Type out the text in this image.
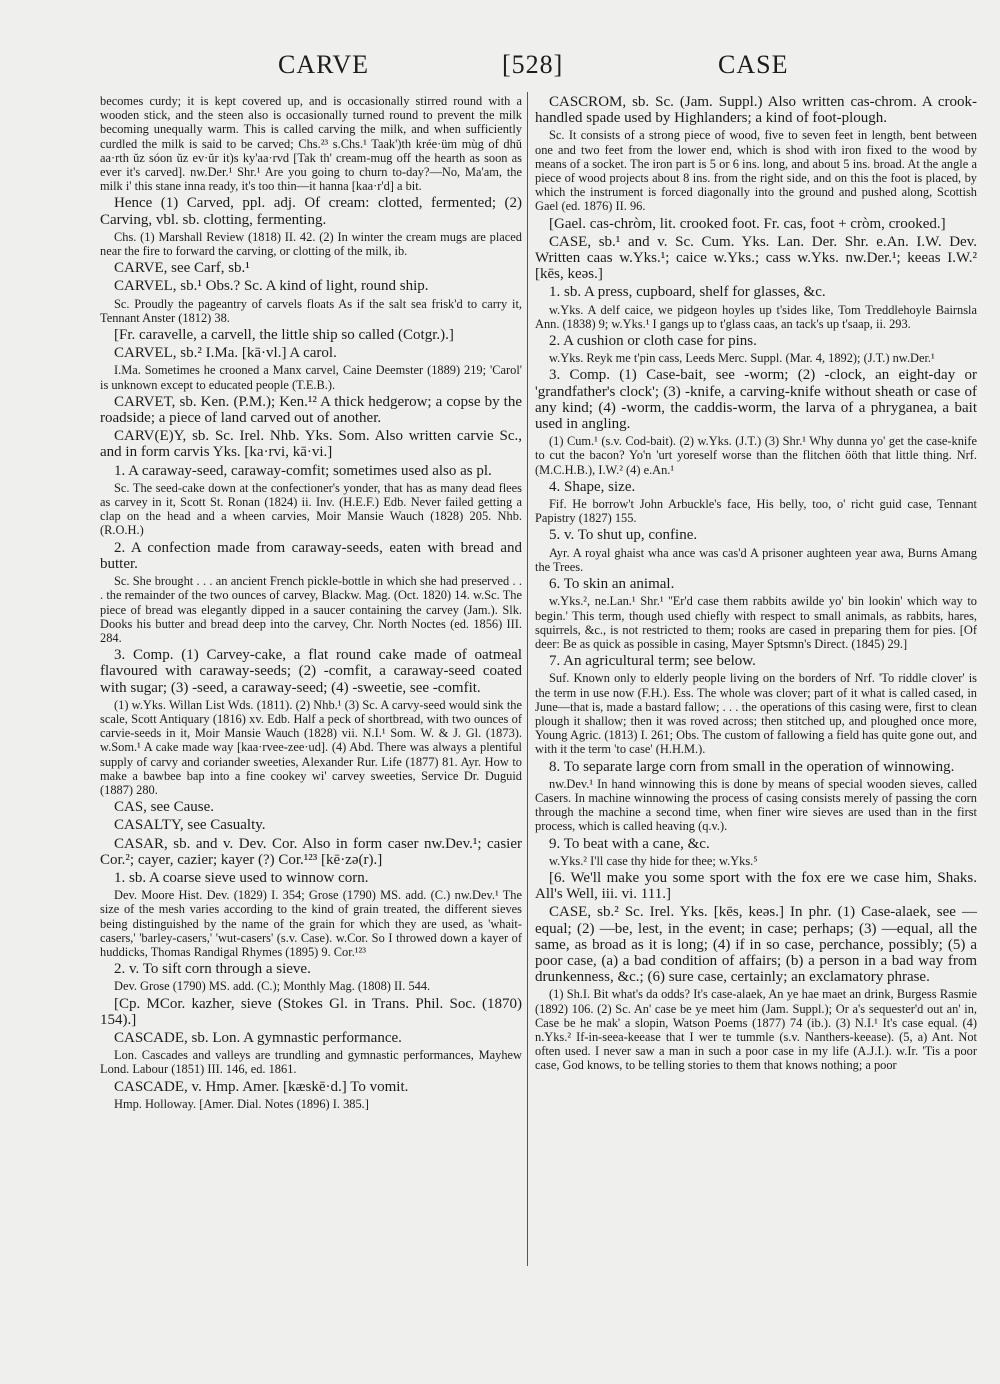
CARVE	[528]	CASE

becomes curdy; it is kept covered up, and is occasionally stirred round with a wooden stick, and the steen also is occasionally turned round to prevent the milk becoming unequally warm. This is called carving the milk, and when sufficiently curdled the milk is said to be carved; Chs.²³ s.Chs.¹ Taak')th krée·üm mùg of dhŭ aa·rth ŭz sóon ŭz ev·ŭr it)s ky'aa·rvd [Tak th' cream-mug off the hearth as soon as ever it's carved]. nw.Der.¹ Shr.¹ Are you going to churn to-day?—No, Ma'am, the milk i' this stane inna ready, it's too thin—it hanna [kaa·r'd] a bit.

Hence (1) Carved, ppl. adj. Of cream: clotted, fermented; (2) Carving, vbl. sb. clotting, fermenting.

Chs. (1) Marshall Review (1818) II. 42. (2) In winter the cream mugs are placed near the fire to forward the carving, or clotting of the milk, ib.

CARVE, see Carf, sb.¹

CARVEL, sb.¹ Obs.? Sc. A kind of light, round ship.

Sc. Proudly the pageantry of carvels floats As if the salt sea frisk'd to carry it, Tennant Anster (1812) 38.

[Fr. caravelle, a carvell, the little ship so called (Cotgr.).]

CARVEL, sb.² I.Ma. [kā·vl.] A carol.

I.Ma. Sometimes he crooned a Manx carvel, Caine Deemster (1889) 219; 'Carol' is unknown except to educated people (T.E.B.).

CARVET, sb. Ken. (P.M.); Ken.¹² A thick hedgerow; a copse by the roadside; a piece of land carved out of another.

CARV(E)Y, sb. Sc. Irel. Nhb. Yks. Som. Also written carvie Sc., and in form carvis Yks. [ka·rvi, kā·vi.]

1. A caraway-seed, caraway-comfit; sometimes used also as pl.

Sc. The seed-cake down at the confectioner's yonder, that has as many dead flees as carvey in it, Scott St. Ronan (1824) ii. Inv. (H.E.F.) Edb. Never failed getting a clap on the head and a wheen carvies, Moir Mansie Wauch (1828) 205. Nhb. (R.O.H.)

2. A confection made from caraway-seeds, eaten with bread and butter.

Sc. She brought . . . an ancient French pickle-bottle in which she had preserved . . . the remainder of the two ounces of carvey, Blackw. Mag. (Oct. 1820) 14. w.Sc. The piece of bread was elegantly dipped in a saucer containing the carvey (Jam.). Slk. Dooks his butter and bread deep into the carvey, Chr. North Noctes (ed. 1856) III. 284.

3. Comp. (1) Carvey-cake, a flat round cake made of oatmeal flavoured with caraway-seeds; (2) -comfit, a caraway-seed coated with sugar; (3) -seed, a caraway-seed; (4) -sweetie, see -comfit.

(1) w.Yks. Willan List Wds. (1811). (2) Nhb.¹ (3) Sc. A carvy-seed would sink the scale, Scott Antiquary (1816) xv. Edb. Half a peck of shortbread, with two ounces of carvie-seeds in it, Moir Mansie Wauch (1828) vii. N.I.¹ Som. W. & J. Gl. (1873). w.Som.¹ A cake made way [kaa·rvee-zee·ud]. (4) Abd. There was always a plentiful supply of carvy and coriander sweeties, Alexander Rur. Life (1877) 81. Ayr. How to make a bawbee bap into a fine cookey wi' carvey sweeties, Service Dr. Duguid (1887) 280.

CAS, see Cause.

CASALTY, see Casualty.

CASAR, sb. and v. Dev. Cor. Also in form caser nw.Dev.¹; casier Cor.²; cayer, cazier; kayer (?) Cor.¹²³ [kē·zə(r).]

1. sb. A coarse sieve used to winnow corn.

Dev. Moore Hist. Dev. (1829) I. 354; Grose (1790) MS. add. (C.) nw.Dev.¹ The size of the mesh varies according to the kind of grain treated, the different sieves being distinguished by the name of the grain for which they are used, as 'whait-casers,' 'barley-casers,' 'wut-casers' (s.v. Case). w.Cor. So I throwed down a kayer of huddicks, Thomas Randigal Rhymes (1895) 9. Cor.¹²³

2. v. To sift corn through a sieve.

Dev. Grose (1790) MS. add. (C.); Monthly Mag. (1808) II. 544.

[Cp. MCor. kazher, sieve (Stokes Gl. in Trans. Phil. Soc. (1870) 154).]

CASCADE, sb. Lon. A gymnastic performance.

Lon. Cascades and valleys are trundling and gymnastic performances, Mayhew Lond. Labour (1851) III. 146, ed. 1861.

CASCADE, v. Hmp. Amer. [kæskē·d.] To vomit.

Hmp. Holloway. [Amer. Dial. Notes (1896) I. 385.]

CASCROM, sb. Sc. (Jam. Suppl.) Also written cas-chrom. A crook-handled spade used by Highlanders; a kind of foot-plough.

Sc. It consists of a strong piece of wood, five to seven feet in length, bent between one and two feet from the lower end, which is shod with iron fixed to the wood by means of a socket. The iron part is 5 or 6 ins. long, and about 5 ins. broad. At the angle a piece of wood projects about 8 ins. from the right side, and on this the foot is placed, by which the instrument is forced diagonally into the ground and pushed along, Scottish Gael (ed. 1876) II. 96.

[Gael. cas-chròm, lit. crooked foot. Fr. cas, foot + cròm, crooked.]

CASE, sb.¹ and v. Sc. Cum. Yks. Lan. Der. Shr. e.An. I.W. Dev. Written caas w.Yks.¹; caice w.Yks.; cass w.Yks. nw.Der.¹; keeas I.W.² [kēs, keəs.]

1. sb. A press, cupboard, shelf for glasses, &c.

w.Yks. A delf caice, we pidgeon hoyles up t'sides like, Tom Treddlehoyle Bairnsla Ann. (1838) 9; w.Yks.¹ I gangs up to t'glass caas, an tack's up t'saap, ii. 293.

2. A cushion or cloth case for pins.

w.Yks. Reyk me t'pin cass, Leeds Merc. Suppl. (Mar. 4, 1892); (J.T.) nw.Der.¹

3. Comp. (1) Case-bait, see -worm; (2) -clock, an eight-day or 'grandfather's clock'; (3) -knife, a carving-knife without sheath or case of any kind; (4) -worm, the caddis-worm, the larva of a phryganea, a bait used in angling.

(1) Cum.¹ (s.v. Cod-bait). (2) w.Yks. (J.T.) (3) Shr.¹ Why dunna yo' get the case-knife to cut the bacon? Yo'n 'urt yoreself worse than the flitchen ööth that little thing. Nrf. (M.C.H.B.), I.W.² (4) e.An.¹

4. Shape, size.

Fif. He borrow't John Arbuckle's face, His belly, too, o' richt guid case, Tennant Papistry (1827) 155.

5. v. To shut up, confine.

Ayr. A royal ghaist wha ance was cas'd A prisoner aughteen year awa, Burns Amang the Trees.

6. To skin an animal.

w.Yks.², ne.Lan.¹ Shr.¹ ''Er'd case them rabbits awilde yo' bin lookin' which way to begin.' This term, though used chiefly with respect to small animals, as rabbits, hares, squirrels, &c., is not restricted to them; rooks are cased in preparing them for pies. [Of deer: Be as quick as possible in casing, Mayer Sptsmn's Direct. (1845) 29.]

7. An agricultural term; see below.

Suf. Known only to elderly people living on the borders of Nrf. 'To riddle clover' is the term in use now (F.H.). Ess. The whole was clover; part of it what is called cased, in June—that is, made a bastard fallow; . . . the operations of this casing were, first to clean plough it shallow; then it was roved across; then stitched up, and ploughed once more, Young Agric. (1813) I. 261; Obs. The custom of fallowing a field has quite gone out, and with it the term 'to case' (H.H.M.).

8. To separate large corn from small in the operation of winnowing.

nw.Dev.¹ In hand winnowing this is done by means of special wooden sieves, called Casers. In machine winnowing the process of casing consists merely of passing the corn through the machine a second time, when finer wire sieves are used than in the first process, which is called heaving (q.v.).

9. To beat with a cane, &c.

w.Yks.² I'll case thy hide for thee; w.Yks.⁵

[6. We'll make you some sport with the fox ere we case him, Shaks. All's Well, iii. vi. 111.]

CASE, sb.² Sc. Irel. Yks. [kēs, keəs.] In phr. (1) Case-alaek, see —equal; (2) —be, lest, in the event; in case; perhaps; (3) —equal, all the same, as broad as it is long; (4) if in so case, perchance, possibly; (5) a poor case, (a) a bad condition of affairs; (b) a person in a bad way from drunkenness, &c.; (6) sure case, certainly; an exclamatory phrase.

(1) Sh.I. Bit what's da odds? It's case-alaek, An ye hae maet an drink, Burgess Rasmie (1892) 106. (2) Sc. An' case be ye meet him (Jam. Suppl.); Or a's sequester'd out an' in, Case be he mak' a slopin, Watson Poems (1877) 74 (ib.). (3) N.I.¹ It's case equal. (4) n.Yks.² If-in-seea-keease that I wer te tummle (s.v. Nanthers-keease). (5, a) Ant. Not often used. I never saw a man in such a poor case in my life (A.J.I.). w.Ir. 'Tis a poor case, God knows, to be telling stories to them that knows nothing; a poor
